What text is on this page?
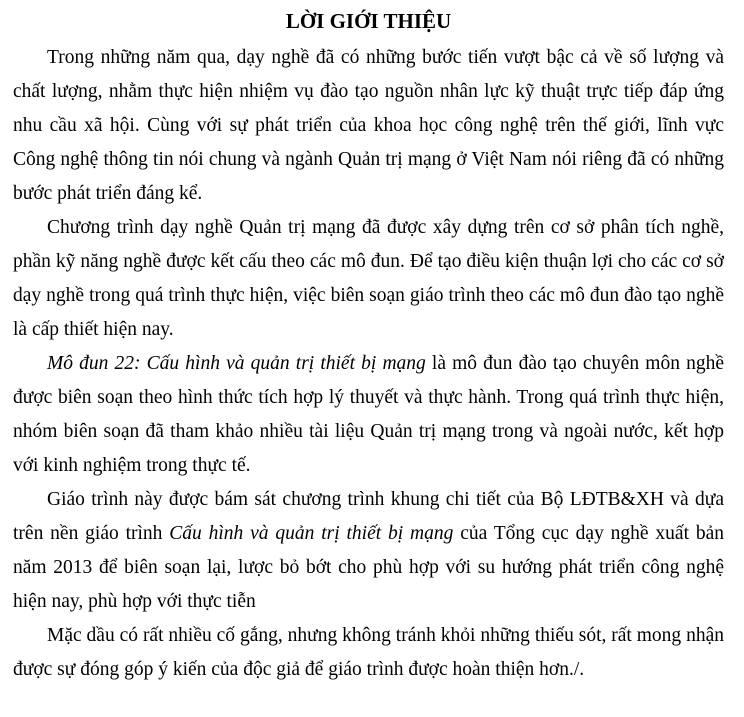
LỜI GIỚI THIỆU

Trong những năm qua, dạy nghề đã có những bước tiến vượt bậc cả về số lượng và chất lượng, nhằm thực hiện nhiệm vụ đào tạo nguồn nhân lực kỹ thuật trực tiếp đáp ứng nhu cầu xã hội. Cùng với sự phát triển của khoa học công nghệ trên thế giới, lĩnh vực Công nghệ thông tin nói chung và ngành Quản trị mạng ở Việt Nam nói riêng đã có những bước phát triển đáng kể.

Chương trình dạy nghề Quản trị mạng đã được xây dựng trên cơ sở phân tích nghề, phần kỹ năng nghề được kết cấu theo các mô đun. Để tạo điều kiện thuận lợi cho các cơ sở dạy nghề trong quá trình thực hiện, việc biên soạn giáo trình theo các mô đun đào tạo nghề là cấp thiết hiện nay.

Mô đun 22: Cấu hình và quản trị thiết bị mạng là mô đun đào tạo chuyên môn nghề được biên soạn theo hình thức tích hợp lý thuyết và thực hành. Trong quá trình thực hiện, nhóm biên soạn đã tham khảo nhiều tài liệu Quản trị mạng trong và ngoài nước, kết hợp với kinh nghiệm trong thực tế.

Giáo trình này được bám sát chương trình khung chi tiết của Bộ LĐTB&XH và dựa trên nền giáo trình Cấu hình và quản trị thiết bị mạng của Tổng cục dạy nghề xuất bản năm 2013 để biên soạn lại, lược bỏ bớt cho phù hợp với su hướng phát triển công nghệ hiện nay, phù hợp với thực tiễn

Mặc dầu có rất nhiều cố gắng, nhưng không tránh khỏi những thiếu sót, rất mong nhận được sự đóng góp ý kiến của độc giả để giáo trình được hoàn thiện hơn./.
